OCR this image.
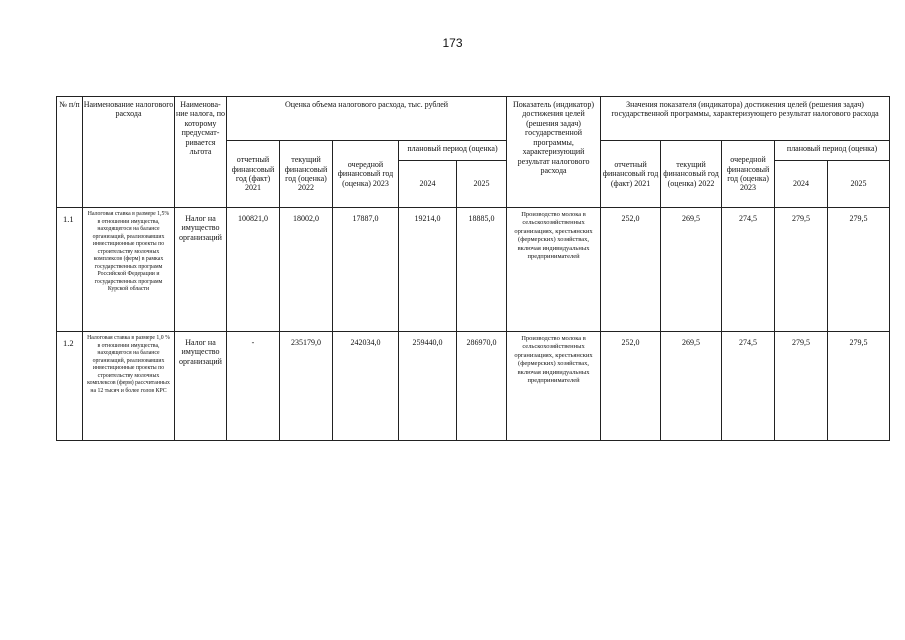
173
№ п/п	Наименование налогового расхода	Наименова-ние налога, по которому предусмат-ривается льгота	Оценка объема налогового расхода, тыс. рублей					Показатель (индикатор) достижения целей (решения задач) государственной программы, характеризующий результат налогового расхода	Значения показателя (индикатора) достижения целей (решения задач) государственной программы, характеризующего результат налогового расхода				
			отчетный финансовый год (факт) 2021	текущий финансовый год (оценка) 2022	очередной финансовый год (оценка) 2023	плановый период (оценка)			отчетный финансовый год (факт) 2021	текущий финансовый год (оценка) 2022	очередной финансовый год (оценка) 2023	плановый период (оценка)	
						2024	2025					2024	2025
1.1	Налоговая ставка в размере 1,5% в отношении имущества, находящегося на балансе организаций, реализовавших инвестиционные проекты по строительству молочных комплексов (ферм) в рамках государственных программ Российской Федерации и государственных программ Курской области	Налог на имущество организаций	100821,0	18002,0	17887,0	19214,0	18885,0	Производство молока в сельскохозяйственных организациях, крестьянских (фермерских) хозяйствах, включая индивидуальных предпринимателей	252,0	269,5	274,5	279,5	279,5
1.2	Налоговая ставка в размере 1,0 % в отношении имущества, находящегося на балансе организаций, реализовавших инвестиционные проекты по строительству молочных комплексов (ферм) рассчитанных на 12 тысяч и более голов КРС	Налог на имущество организаций	-	235179,0	242034,0	259440,0	286970,0	Производство молока в сельскохозяйственных организациях, крестьянских (фермерских) хозяйствах, включая индивидуальных предпринимателей	252,0	269,5	274,5	279,5	279,5
